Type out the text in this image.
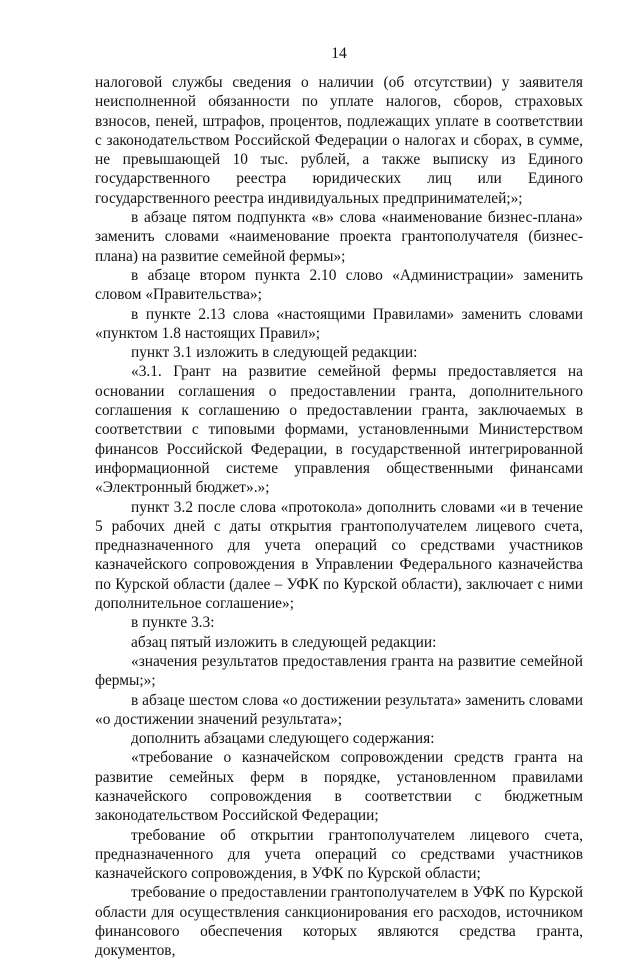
14

налоговой службы сведения о наличии (об отсутствии) у заявителя неисполненной обязанности по уплате налогов, сборов, страховых взносов, пеней, штрафов, процентов, подлежащих уплате в соответствии с законодательством Российской Федерации о налогах и сборах, в сумме, не превышающей 10 тыс. рублей, а также выписку из Единого государственного реестра юридических лиц или Единого государственного реестра индивидуальных предпринимателей;»;

в абзаце пятом подпункта «в» слова «наименование бизнес-плана» заменить словами «наименование проекта грантополучателя (бизнес-плана) на развитие семейной фермы»;

в абзаце втором пункта 2.10 слово «Администрации» заменить словом «Правительства»;

в пункте 2.13 слова «настоящими Правилами» заменить словами «пунктом 1.8 настоящих Правил»;

пункт 3.1 изложить в следующей редакции:

«3.1. Грант на развитие семейной фермы предоставляется на основании соглашения о предоставлении гранта, дополнительного соглашения к соглашению о предоставлении гранта, заключаемых в соответствии с типовыми формами, установленными Министерством финансов Российской Федерации, в государственной интегрированной информационной системе управления общественными финансами «Электронный бюджет».»;

пункт 3.2 после слова «протокола» дополнить словами «и в течение 5 рабочих дней с даты открытия грантополучателем лицевого счета, предназначенного для учета операций со средствами участников казначейского сопровождения в Управлении Федерального казначейства по Курской области (далее – УФК по Курской области), заключает с ними дополнительное соглашение»;

в пункте 3.3:

абзац пятый изложить в следующей редакции:

«значения результатов предоставления гранта на развитие семейной фермы;»;

в абзаце шестом слова «о достижении результата» заменить словами «о достижении значений результата»;

дополнить абзацами следующего содержания:

«требование о казначейском сопровождении средств гранта на развитие семейных ферм в порядке, установленном правилами казначейского сопровождения в соответствии с бюджетным законодательством Российской Федерации;

требование об открытии грантополучателем лицевого счета, предназначенного для учета операций со средствами участников казначейского сопровождения, в УФК по Курской области;

требование о предоставлении грантополучателем в УФК по Курской области для осуществления санкционирования его расходов, источником финансового обеспечения которых являются средства гранта, документов,
